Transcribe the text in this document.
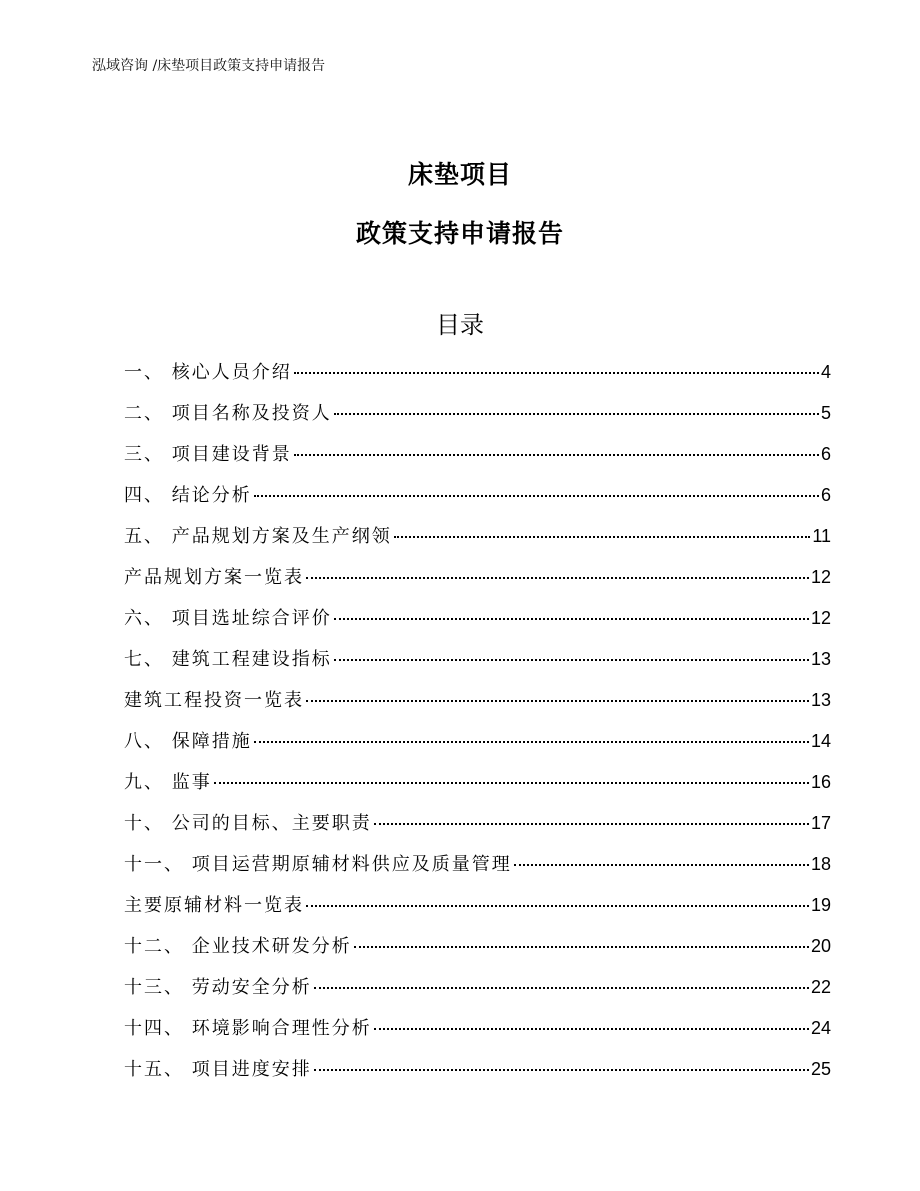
泓域咨询 /床垫项目政策支持申请报告
床垫项目
政策支持申请报告
目录
一、 核心人员介绍	4
二、 项目名称及投资人	5
三、 项目建设背景	6
四、 结论分析	6
五、 产品规划方案及生产纲领	11
产品规划方案一览表	12
六、 项目选址综合评价	12
七、 建筑工程建设指标	13
建筑工程投资一览表	13
八、 保障措施	14
九、 监事	16
十、 公司的目标、主要职责	17
十一、 项目运营期原辅材料供应及质量管理	18
主要原辅材料一览表	19
十二、 企业技术研发分析	20
十三、 劳动安全分析	22
十四、 环境影响合理性分析	24
十五、 项目进度安排	25
